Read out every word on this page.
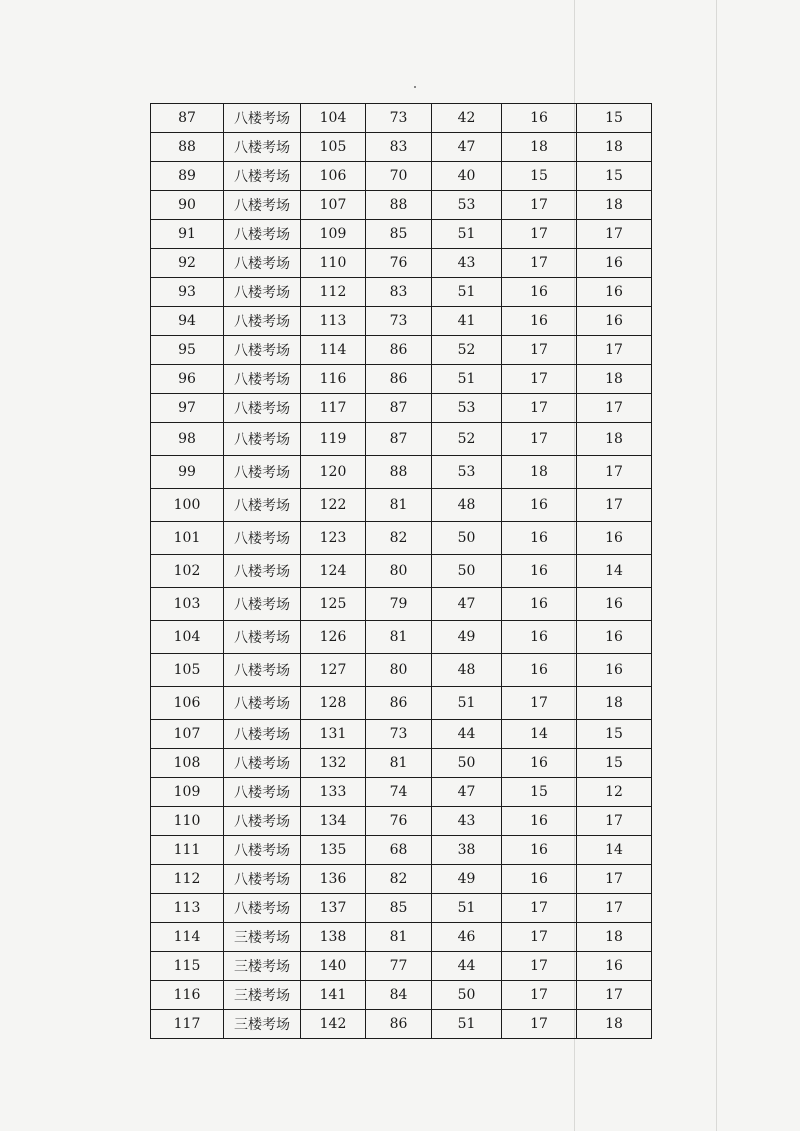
87	八楼考场	104	73	42	16	15
88	八楼考场	105	83	47	18	18
89	八楼考场	106	70	40	15	15
90	八楼考场	107	88	53	17	18
91	八楼考场	109	85	51	17	17
92	八楼考场	110	76	43	17	16
93	八楼考场	112	83	51	16	16
94	八楼考场	113	73	41	16	16
95	八楼考场	114	86	52	17	17
96	八楼考场	116	86	51	17	18
97	八楼考场	117	87	53	17	17
98	八楼考场	119	87	52	17	18
99	八楼考场	120	88	53	18	17
100	八楼考场	122	81	48	16	17
101	八楼考场	123	82	50	16	16
102	八楼考场	124	80	50	16	14
103	八楼考场	125	79	47	16	16
104	八楼考场	126	81	49	16	16
105	八楼考场	127	80	48	16	16
106	八楼考场	128	86	51	17	18
107	八楼考场	131	73	44	14	15
108	八楼考场	132	81	50	16	15
109	八楼考场	133	74	47	15	12
110	八楼考场	134	76	43	16	17
111	八楼考场	135	68	38	16	14
112	八楼考场	136	82	49	16	17
113	八楼考场	137	85	51	17	17
114	三楼考场	138	81	46	17	18
115	三楼考场	140	77	44	17	16
116	三楼考场	141	84	50	17	17
117	三楼考场	142	86	51	17	18
